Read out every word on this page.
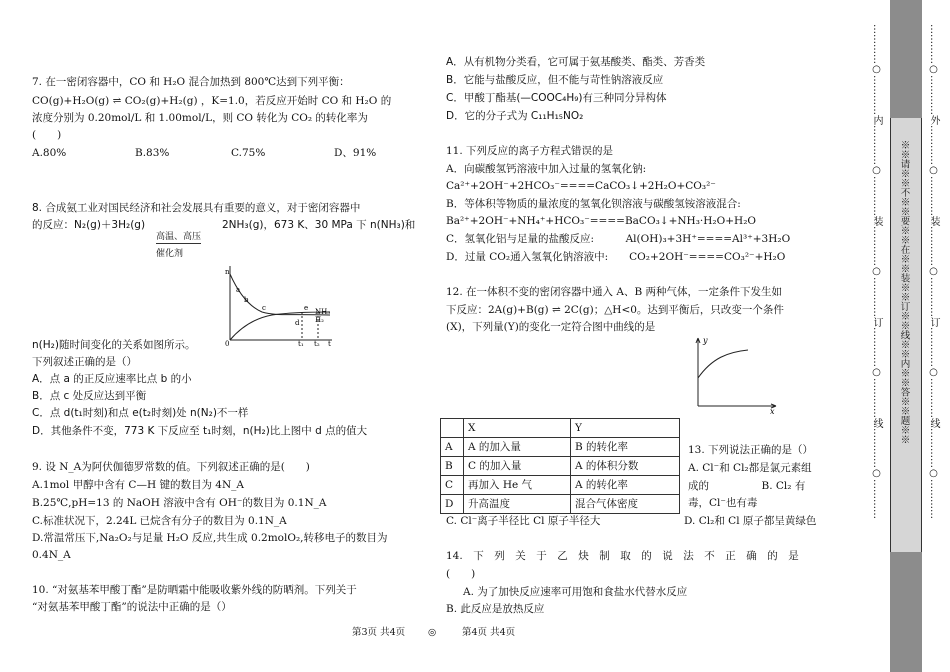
7. 在一密闭容器中，CO 和 H₂O 混合加热到 800℃达到下列平衡：
CO(g)+H₂O(g) ⇌ CO₂(g)+H₂(g) ，K=1.0，若反应开始时 CO 和 H₂O 的
浓度分别为 0.20mol/L 和 1.00mol/L，则 CO 转化为 CO₂ 的转化率为
(　　)
A.80%	B.83%	C.75%	D、91%
8. 合成氨工业对国民经济和社会发展具有重要的意义，对于密闭容器中
的反应：N₂(g)＋3H₂(g)	2NH₃(g)，673 K、30 MPa 下 n(NH₃)和
高温、高压
催化剂
n
a
b
c
d
e NH₃
H₂
0	t₁ t₂ t
n(H₂)随时间变化的关系如图所示。
下列叙述正确的是（）
A．点 a 的正反应速率比点 b 的小
B．点 c 处反应达到平衡
C．点 d(t₁时刻)和点 e(t₂时刻)处 n(N₂)不一样
D．其他条件不变，773 K 下反应至 t₁时刻，n(H₂)比上图中 d 点的值大
9. 设 N_A为阿伏伽德罗常数的值。下列叙述正确的是(　　)
A.1mol 甲醇中含有 C—H 键的数目为 4N_A
B.25℃,pH=13 的 NaOH 溶液中含有 OH⁻的数目为 0.1N_A
C.标准状况下，2.24L 已烷含有分子的数目为 0.1N_A
D.常温常压下,Na₂O₂与足量 H₂O 反应,共生成 0.2molO₂,转移电子的数目为
0.4N_A
10. “对氨基苯甲酸丁酯”是防晒霜中能吸收紫外线的防晒剂。下列关于
“对氨基苯甲酸丁酯”的说法中正确的是（）
A．从有机物分类看，它可属于氨基酸类、酯类、芳香类
B．它能与盐酸反应，但不能与苛性钠溶液反应
C．甲酸丁酯基(—COOC₄H₉)有三种同分异构体
D．它的分子式为 C₁₁H₁₅NO₂
11. 下列反应的离子方程式错误的是
A．向碳酸氢钙溶液中加入过量的氢氧化钠:
Ca²⁺+2OH⁻+2HCO₃⁻====CaCO₃↓+2H₂O+CO₃²⁻
B．等体积等物质的量浓度的氢氧化钡溶液与碳酸氢铵溶液混合:
Ba²⁺+2OH⁻+NH₄⁺+HCO₃⁻====BaCO₃↓+NH₃·H₂O+H₂O
C．氢氧化铝与足量的盐酸反应:　　　Al(OH)₃+3H⁺====Al³⁺+3H₂O
D．过量 CO₂通入氢氧化钠溶液中:　　CO₂+2OH⁻====CO₃²⁻+H₂O
12. 在一体积不变的密闭容器中通入 A、B 两种气体，一定条件下发生如
下反应：2A(g)+B(g) ⇌ 2C(g)；△H<0。达到平衡后，只改变一个条件
(X)，下列量(Y)的变化一定符合图中曲线的是
y
x
	X	Y
A	A 的加入量	B 的转化率
B	C 的加入量	A 的体积分数
C	再加入 He 气	A 的转化率
D	升高温度	混合气体密度
13. 下列说法正确的是（）
A. Cl⁻和 Cl₂都是氯元素组
成的　　　　　B. Cl₂ 有
毒，Cl⁻也有毒
C. Cl⁻离子半径比 Cl 原子半径大	D. Cl₂和 Cl 原子都呈黄绿色
14.　下　列　关　于　乙　炔　制　取　的　说　法　不　正　确　的　是
(　　)
A. 为了加快反应速率可用饱和食盐水代替水反应
B. 此反应是放热反应
第3页 共4页 ◎	第4页 共4页
…………○…………内…………○…………装…………○…………订…………○…………线…………○………… ※※请※※不※※要※※在※※装※※订※※线※※内※※答※※题※※ …………○…………外…………○…………装…………○…………订…………○…………线…………○…………
